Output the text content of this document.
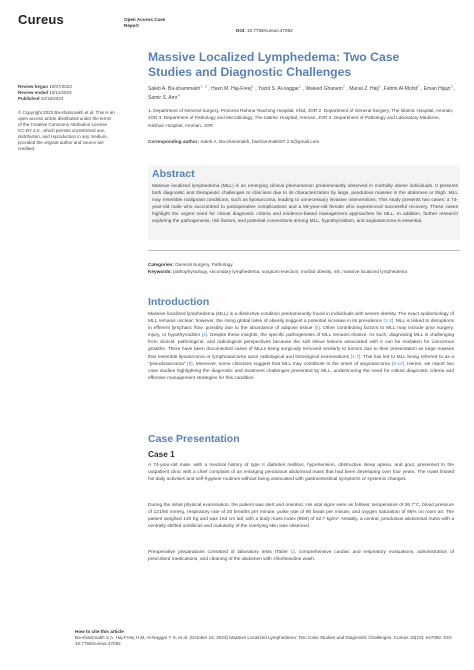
Cureus	Open Access Case
Report
DOI: 10.7759/cureus.47092
Massive Localized Lymphedema: Two Case
Studies and Diagnostic Challenges
Saleb A. Ba-shammakh$^{1, 2}$ , Hasn M. Haj-Freej$^1$ , Yazid S. Al-naggar$^1$ , Waleed Ghanem$^2$ , Manal Z. Haij$^2$ ,Fahmi Al-Mohd$^2$ , Eman Hijazi$^3$ , Samir S. Amr$^4$
1. Department of General Surgery, Princess Rahma Teaching Hospital, Irbid, JOR 2. Department of General Surgery, The Islamic Hospital, Amman, JOR 3. Department of Pathology and Microbiology, The Islamic Hospital, Amman, JOR 4. Department of Pathology and Laboratory Medicine, Istishari Hospital, Amman, JOR
Corresponding author: Saleb A. Ba-shammakh, bashammakh97.2.5@gmail.com
Review began 10/07/2023
Review ended 10/11/2023
Published 10/16/2023
© Copyright 2023 Ba-shammakh et al. This is an open access article distributed under the terms of the Creative Commons Attribution License CC-BY 4.0., which permits unrestricted use, distribution, and reproduction in any medium, provided the original author and source are credited.
Abstract
Massive localized lymphedema (MLL) is an emerging clinical phenomenon predominantly observed in morbidly obese individuals. It presents both diagnostic and therapeutic challenges to clinicians due to its characterization by large, pendulous masses in the abdomen or thigh. MLL may resemble malignant conditions, such as liposarcoma, leading to unnecessary invasive interventions. This study presents two cases: a 74-year-old male who succumbed to postoperative complications and a 56-year-old female who experienced successful recovery. These cases highlight the urgent need for robust diagnostic criteria and evidence-based management approaches for MLL. In addition, further research exploring the pathogenesis, risk factors, and potential connections among MLL, hypothyroidism, and angiosarcoma is essential.
Categories: General Surgery, Pathology
Keywords: pathophysiology, secondary lymphedema, surgical resection, morbid obesity, mll, massive localized lymphedema
Introduction
Massive localized lymphedema (MLL) is a distinctive condition predominantly found in individuals with severe obesity. The exact epidemiology of MLL remains unclear; however, the rising global rates of obesity suggest a potential increase in its prevalence [1-2]. MLL is linked to disruptions in efferent lymphatic flow, possibly due to the abundance of adipose tissue [5]. Other contributing factors to MLL may include prior surgery, injury, or hypothyroidism [4]. Despite these insights, the specific pathogenesis of MLL remains elusive. As such, diagnosing MLL is challenging from clinical, pathological, and radiological perspectives because the soft tissue lesions associated with it can be mistaken for cancerous growths. There have been documented cases of MLLs being surgically removed similarly to tumors due to their presentation as large masses that resemble liposarcoma or lymphosarcoma upon radiological and histological examinations [1-7]. This has led to MLL being referred to as a "pseudosarcoma" [8]. Moreover, some clinicians suggest that MLL may contribute to the onset of angiosarcoma [9-12]. Herein, we report two case studies highlighting the diagnostic and treatment challenges presented by MLL, underscoring the need for robust diagnostic criteria and effective management strategies for this condition.
Case Presentation
Case 1
A 74-year-old male, with a medical history of type II diabetes mellitus, hypertension, obstructive sleep apnea, and gout, presented to the outpatient clinic with a chief complaint of an enlarging pendulous abdominal mass that had been developing over four years. The mass limited his daily activities and self-hygiene routines without being associated with gastrointestinal symptoms or systemic changes.
During the initial physical examination, the patient was alert and oriented. His vital signs were as follows: temperature of 36.7°C, blood pressure of 121/60 mmHg, respiratory rate of 20 breaths per minute, pulse rate of 90 beats per minute, and oxygen saturation of 95% on room air. The patient weighed 140 Kg and was 163 cm tall, with a body mass index (BMI) of 52.7 kg/m². Notably, a central, pendulous abdominal mass with a centrally shifted umbilicus and nodularity of the overlying skin was observed.
Preoperative preparations consisted of laboratory tests (Table 1), comprehensive cardiac and respiratory evaluations, administration of prescribed medications, and cleaning of the abdomen with chlorhexidine wash.
How to cite this article
Ba-shammakh S A, Haj-Freej H M, Al-Naggar Y S, et al. (October 16, 2023) Massive Localized Lymphedema: Two Case Studies and Diagnostic Challenges. Cureus 15(10): e47092. DOI 10.7759/cureus.47092
